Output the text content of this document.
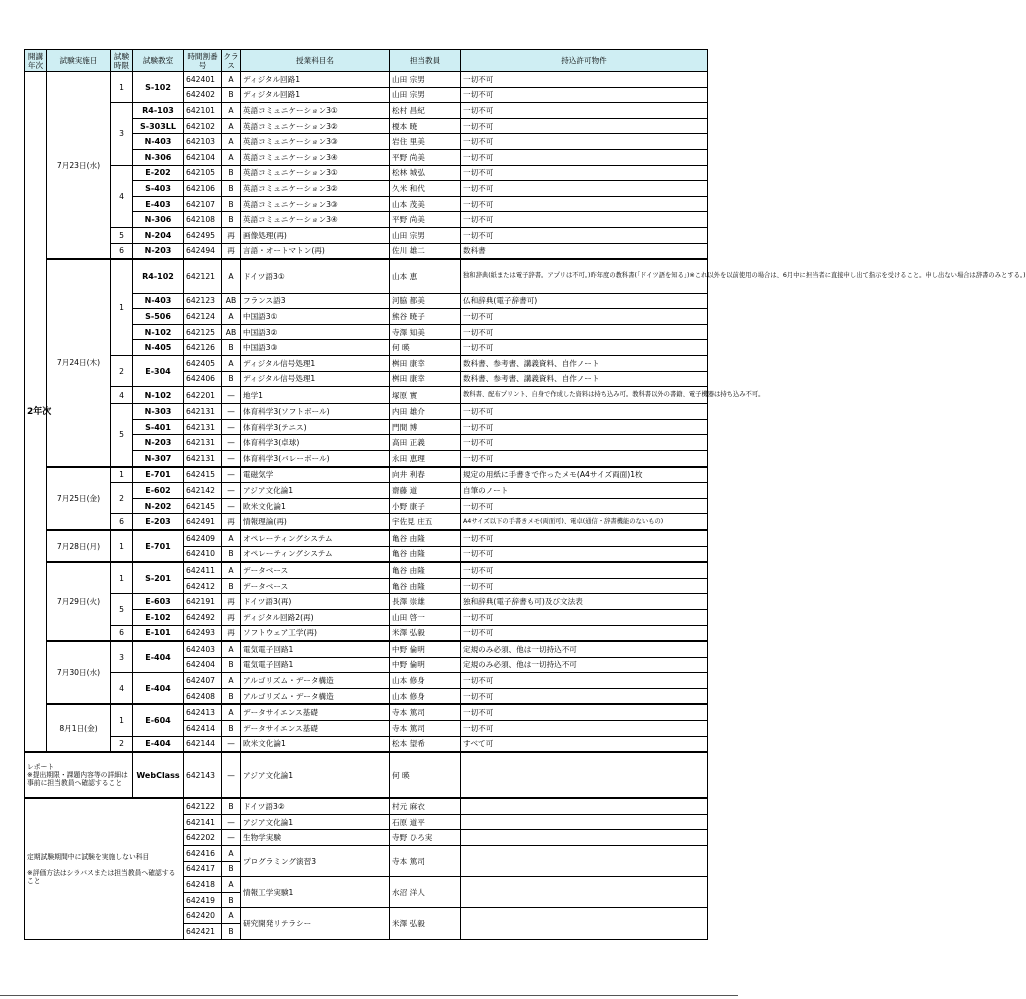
開講年次	試験実施日	試験時限	試験教室	時間割番号	クラス	授業科目名	担当教員	持込許可物件
2年次	7月23日(水)	1	S-102	642401	A	ディジタル回路1	山田 宗男	一切不可
				642402	B	ディジタル回路1	山田 宗男	一切不可
		3	R4-103	642101	A	英語コミュニケーション3①	松村 昌紀	一切不可
			S-303LL	642102	A	英語コミュニケーション3②	榎本 暁	一切不可
			N-403	642103	A	英語コミュニケーション3③	岩住 里美	一切不可
			N-306	642104	A	英語コミュニケーション3④	平野 尚美	一切不可
		4	E-202	642105	B	英語コミュニケーション3①	松林 城弘	一切不可
			S-403	642106	B	英語コミュニケーション3②	久米 和代	一切不可
			E-403	642107	B	英語コミュニケーション3③	山本 茂美	一切不可
			N-306	642108	B	英語コミュニケーション3④	平野 尚美	一切不可
		5	N-204	642495	再	画像処理(再)	山田 宗男	一切不可
		6	N-203	642494	再	言語・オートマトン(再)	佐川 雄二	数科書
	7月24日(木)	1	R4-102	642121	A	ドイツ語3①	山本 恵	独和辞典(紙または電子辞書。アプリは不可。)昨年度の教科書(「ドイツ語を知る」)※これ以外を以前使用の場合は、6月中に担当者に直接申し出て指示を受けること。申し出ない場合は辞書のみとする。)
			N-403	642123	AB	フランス語3	河脇 都美	仏和辞典(電子辞書可)
			S-506	642124	A	中国語3①	熊谷 暁子	一切不可
			N-102	642125	AB	中国語3②	寺澤 知美	一切不可
			N-405	642126	B	中国語3③	何 暎	一切不可
		2	E-304	642405	A	ディジタル信号処理1	桝田 康幸	数科書、参考書、講義資料、自作ノート
				642406	B	ディジタル信号処理1	桝田 康幸	数科書、参考書、講義資料、自作ノート
		4	N-102	642201	—	地学1	塚原 實	教科書、配布プリント、自身で作成した資料は持ち込み可。教科書以外の書籍、電子機器は持ち込み不可。
		5	N-303	642131	—	体育科学3(ソフトボール)	内田 雄介	一切不可
			S-401	642131	—	体育科学3(テニス)	門間 博	一切不可
			N-203	642131	—	体育科学3(卓球)	高田 正義	一切不可
			N-307	642131	—	体育科学3(バレーボール)	永田 恵理	一切不可
	7月25日(金)	1	E-701	642415	—	電磁気学	向井 利春	規定の用紙に手書きで作ったメモ(A4サイズ両面)1枚
		2	E-602	642142	—	アジア文化論1	齋藤 道	自筆のノート
			N-202	642145	—	欧米文化論1	小野 康子	一切不可
		6	E-203	642491	再	情報理論(再)	宇佐見 庄五	A4サイズ以下の手書きメモ(両面可)、電卓(通信・辞書機能のないもの)
	7月28日(月)	1	E-701	642409	A	オペレーティングシステム	亀谷 由隆	一切不可
				642410	B	オペレーティングシステム	亀谷 由隆	一切不可
	7月29日(火)	1	S-201	642411	A	データベース	亀谷 由隆	一切不可
				642412	B	データベース	亀谷 由隆	一切不可
		5	E-603	642191	再	ドイツ語3(再)	長澤 崇雄	独和辞典(電子辞書も可)及び文法表
			E-102	642492	再	ディジタル回路2(再)	山田 啓一	一切不可
		6	E-101	642493	再	ソフトウェア工学(再)	米澤 弘毅	一切不可
	7月30日(水)	3	E-404	642403	A	電気電子回路1	中野 倫明	定規のみ必須、他は一切持込不可
				642404	B	電気電子回路1	中野 倫明	定規のみ必須、他は一切持込不可
		4	E-404	642407	A	アルゴリズム・データ構造	山本 修身	一切不可
				642408	B	アルゴリズム・データ構造	山本 修身	一切不可
	8月1日(金)	1	E-604	642413	A	データサイエンス基礎	寺本 篤司	一切不可
				642414	B	データサイエンス基礎	寺本 篤司	一切不可
		2	E-404	642144	—	欧米文化論1	松本 望希	すべて可
レポート
※提出期限・課題内容等の詳細は事前に担当教員へ確認すること			WebClass	642143	—	アジア文化論1	何 暎	
定期試験期間中に試験を実施しない科目

※評価方法はシラバスまたは担当教員へ確認すること				642122	B	ドイツ語3②	村元 麻衣	
				642141	—	アジア文化論1	石原 道平	
				642202	—	生物学実験	寺野 ひろ実	
				642416	A	プログラミング演習3	寺本 篤司	
				642417	B			
				642418	A	情報工学実験1	水沼 洋人	
				642419	B			
				642420	A	研究開発リテラシー	米澤 弘毅	
				642421	B			
